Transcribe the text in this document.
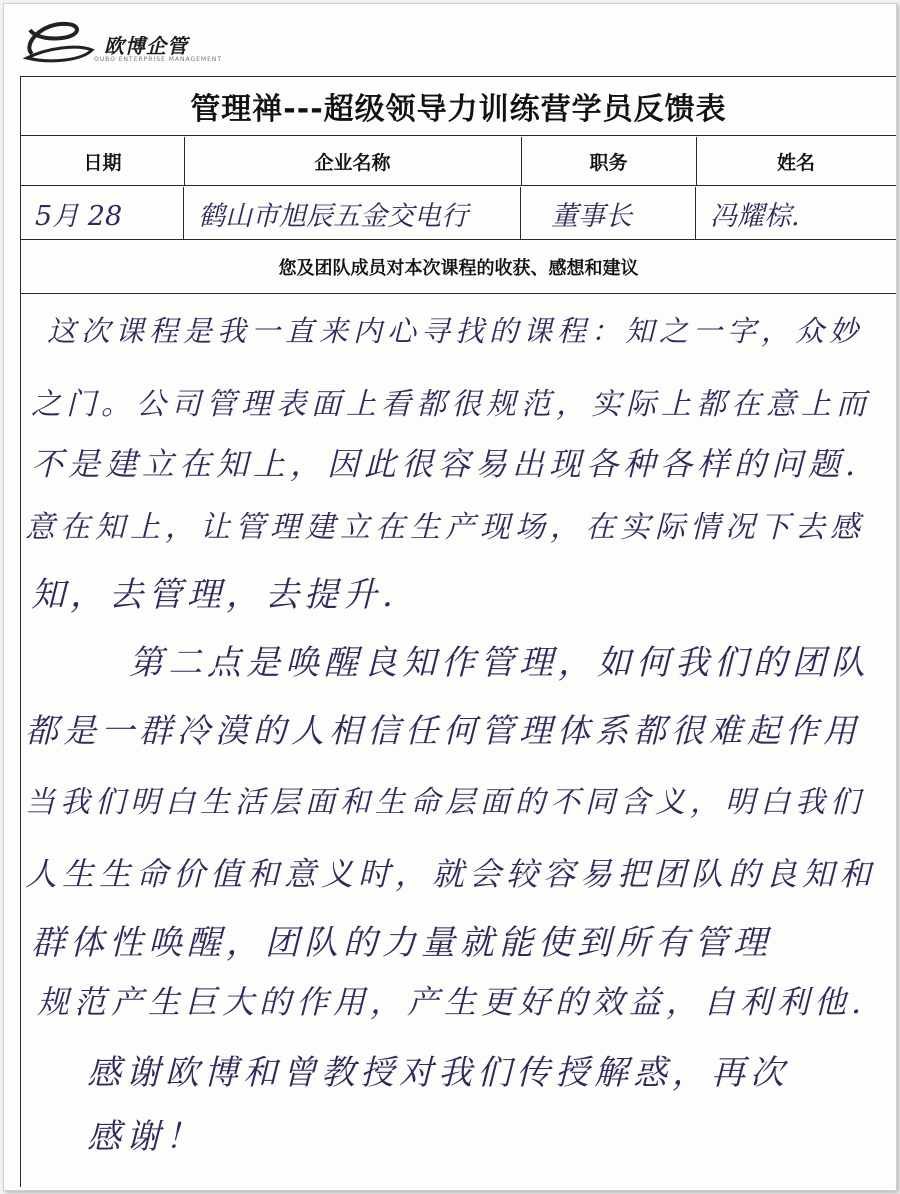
欧博企管
OUBO ENTERPRISE MANAGEMENT
管理禅---超级领导力训练营学员反馈表
日期	企业名称	职务	姓名
5月 28	鹤山市旭辰五金交电行	董事长	冯耀棕.
您及团队成员对本次课程的收获、感想和建议
这次课程是我一直来内心寻找的课程：知之一字，众妙
之门。公司管理表面上看都很规范，实际上都在意上而
不是建立在知上，因此很容易出现各种各样的问题.
意在知上，让管理建立在生产现场，在实际情况下去感
知，去管理，去提升.
第二点是唤醒良知作管理，如何我们的团队
都是一群冷漠的人相信任何管理体系都很难起作用
当我们明白生活层面和生命层面的不同含义，明白我们
人生生命价值和意义时，就会较容易把团队的良知和
群体性唤醒，团队的力量就能使到所有管理
规范产生巨大的作用，产生更好的效益，自利利他.
感谢欧博和曾教授对我们传授解惑，再次
感谢！
